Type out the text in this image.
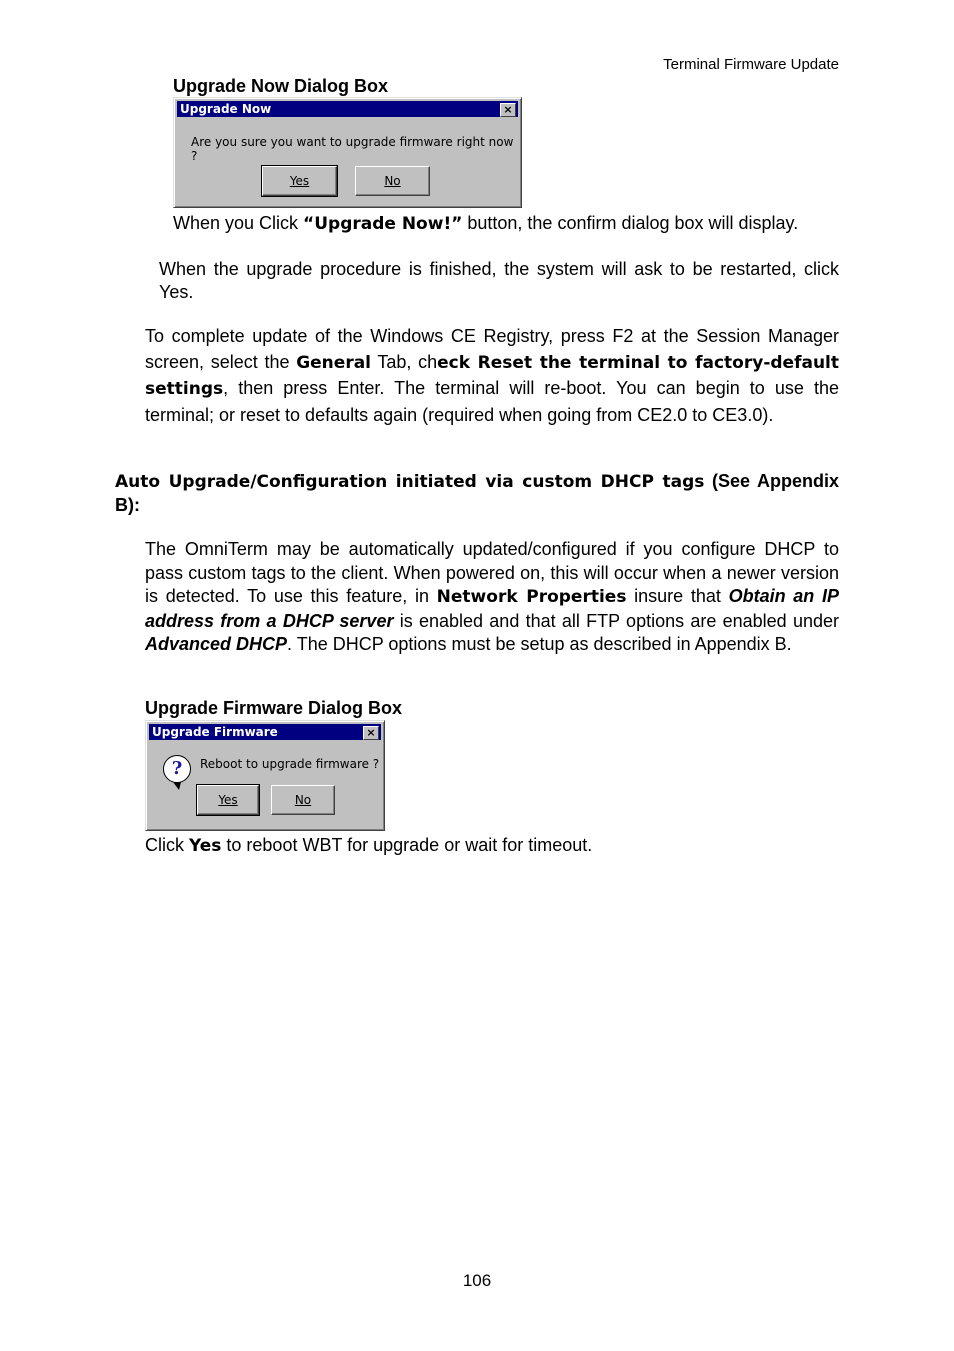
Terminal Firmware Update
Upgrade Now Dialog Box
Upgrade Now	×
Are you sure you want to upgrade firmware right now ?
Yes	No
When you Click “Upgrade Now!” button, the confirm dialog box will display.
When the upgrade procedure is finished, the system will ask to be restarted, click Yes.
To complete update of the Windows CE Registry, press F2 at the Session Manager screen, select the General Tab, check Reset the terminal to factory-default settings, then press Enter. The terminal will re-boot. You can begin to use the terminal; or reset to defaults again (required when going from CE2.0 to CE3.0).
Auto Upgrade/Configuration initiated via custom DHCP tags (See Appendix B):
The OmniTerm may be automatically updated/configured if you configure DHCP to pass custom tags to the client. When powered on, this will occur when a newer version is detected. To use this feature, in Network Properties insure that Obtain an IP address from a DHCP server is enabled and that all FTP options are enabled under Advanced DHCP. The DHCP options must be setup as described in Appendix B.
Upgrade Firmware Dialog Box
Upgrade Firmware	×
?	Reboot to upgrade firmware ?
Yes	No
Click Yes to reboot WBT for upgrade or wait for timeout.
106
